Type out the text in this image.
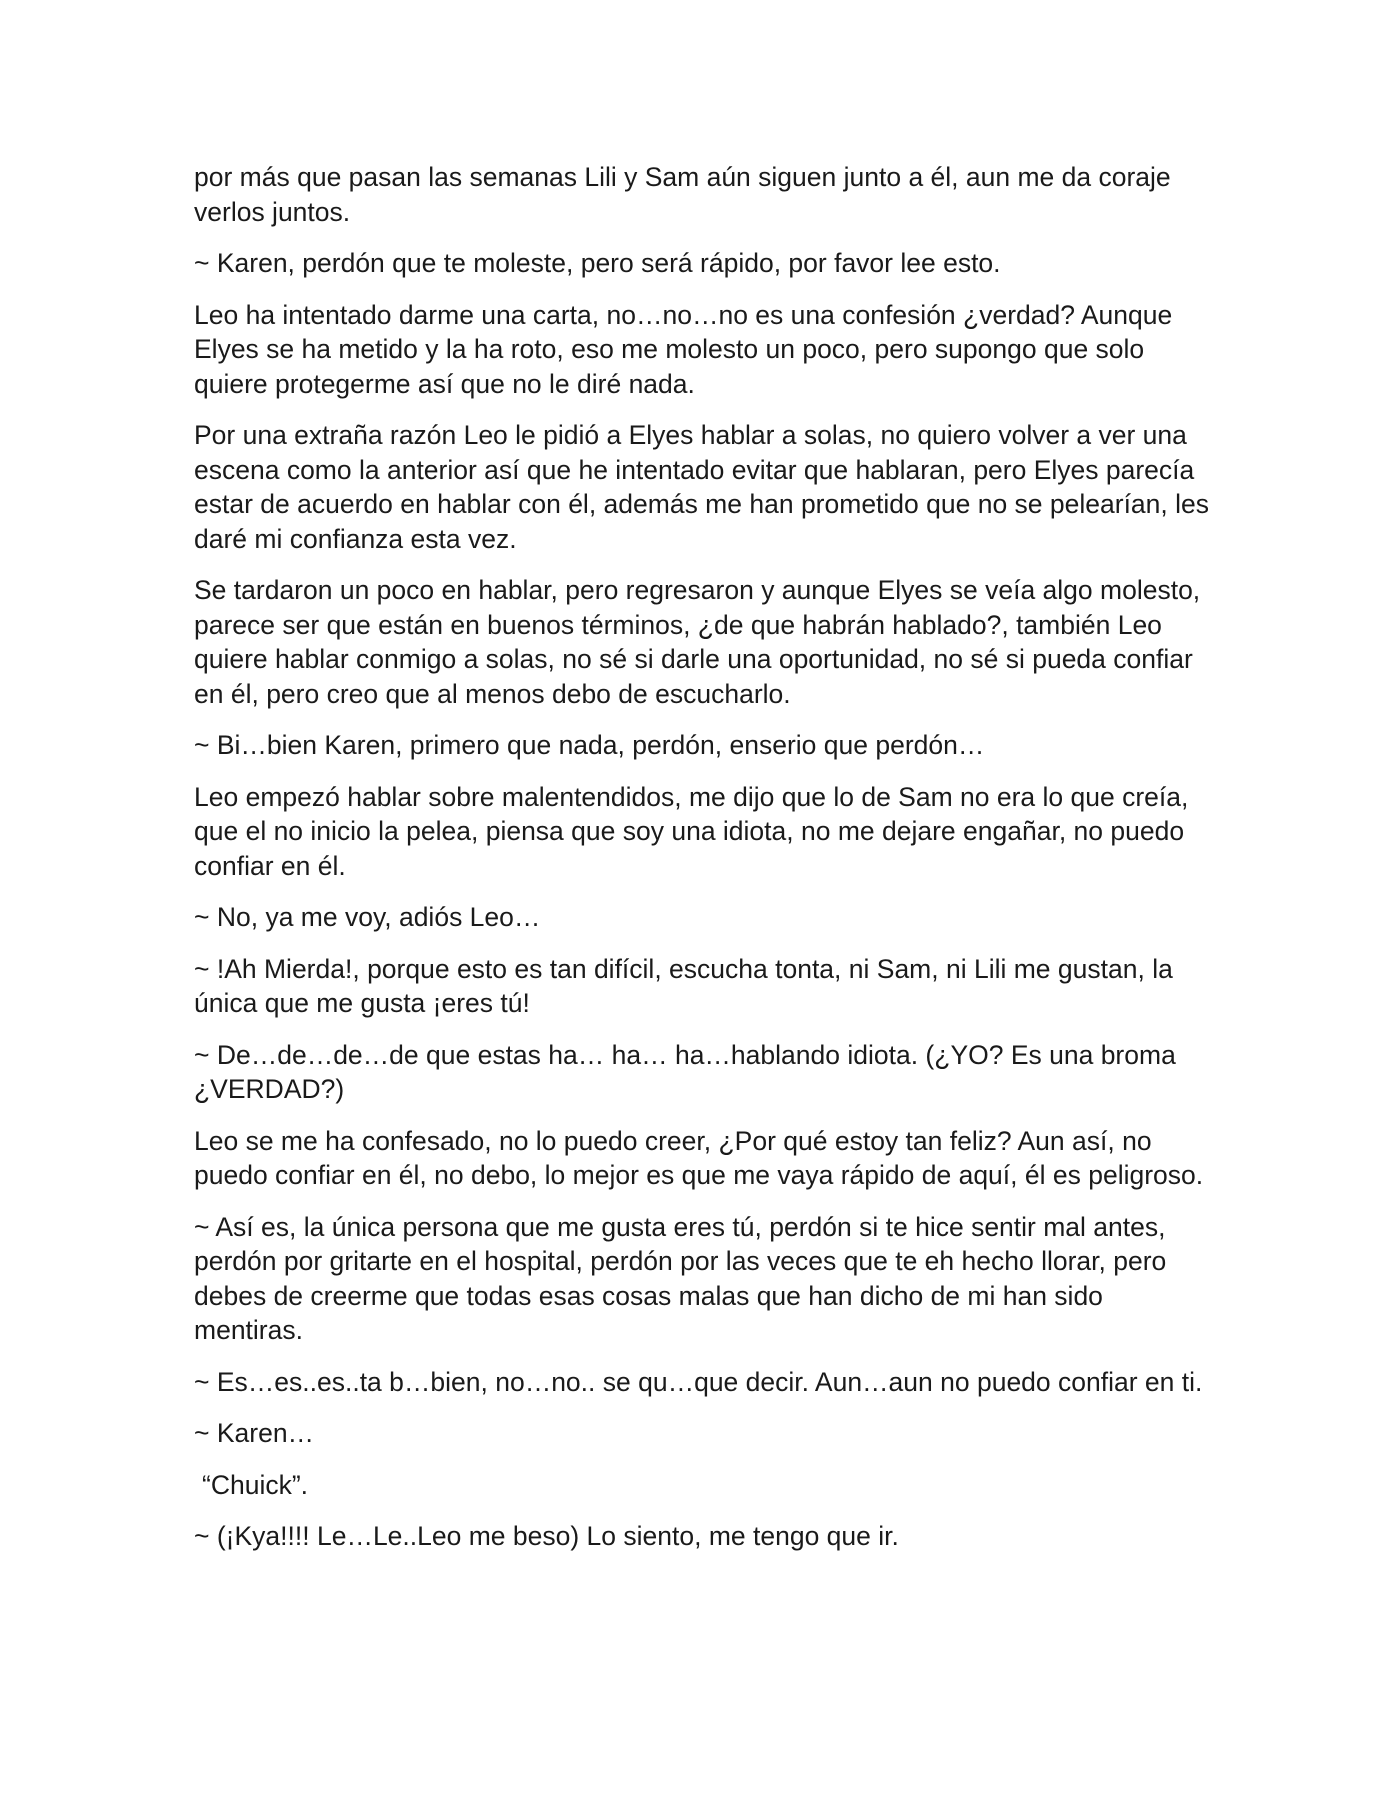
por más que pasan las semanas Lili y Sam aún siguen junto a él, aun me da coraje verlos juntos.

~ Karen, perdón que te moleste, pero será rápido, por favor lee esto.

Leo ha intentado darme una carta, no…no…no es una confesión ¿verdad? Aunque Elyes se ha metido y la ha roto, eso me molesto un poco, pero supongo que solo quiere protegerme así que no le diré nada.

Por una extraña razón Leo le pidió a Elyes hablar a solas, no quiero volver a ver una escena como la anterior así que he intentado evitar que hablaran, pero Elyes parecía estar de acuerdo en hablar con él, además me han prometido que no se pelearían, les daré mi confianza esta vez.

Se tardaron un poco en hablar, pero regresaron y aunque Elyes se veía algo molesto, parece ser que están en buenos términos, ¿de que habrán hablado?, también Leo quiere hablar conmigo a solas, no sé si darle una oportunidad, no sé si pueda confiar en él, pero creo que al menos debo de escucharlo.

~ Bi…bien Karen, primero que nada, perdón, enserio que perdón…

Leo empezó hablar sobre malentendidos, me dijo que lo de Sam no era lo que creía, que el no inicio la pelea, piensa que soy una idiota, no me dejare engañar, no puedo confiar en él.

~ No, ya me voy, adiós Leo…

~ !Ah Mierda!, porque esto es tan difícil, escucha tonta, ni Sam, ni Lili me gustan, la única que me gusta ¡eres tú!

~ De…de…de…de que estas ha… ha… ha…hablando idiota. (¿YO? Es una broma ¿VERDAD?)

Leo se me ha confesado, no lo puedo creer, ¿Por qué estoy tan feliz? Aun así, no puedo confiar en él, no debo, lo mejor es que me vaya rápido de aquí, él es peligroso.

~ Así es, la única persona que me gusta eres tú, perdón si te hice sentir mal antes, perdón por gritarte en el hospital, perdón por las veces que te eh hecho llorar, pero debes de creerme que todas esas cosas malas que han dicho de mi han sido mentiras.

~ Es…es..es..ta b…bien, no…no.. se qu…que decir. Aun…aun no puedo confiar en ti.

~ Karen…

“Chuick”.

~ (¡Kya!!!! Le…Le..Leo me beso) Lo siento, me tengo que ir.
